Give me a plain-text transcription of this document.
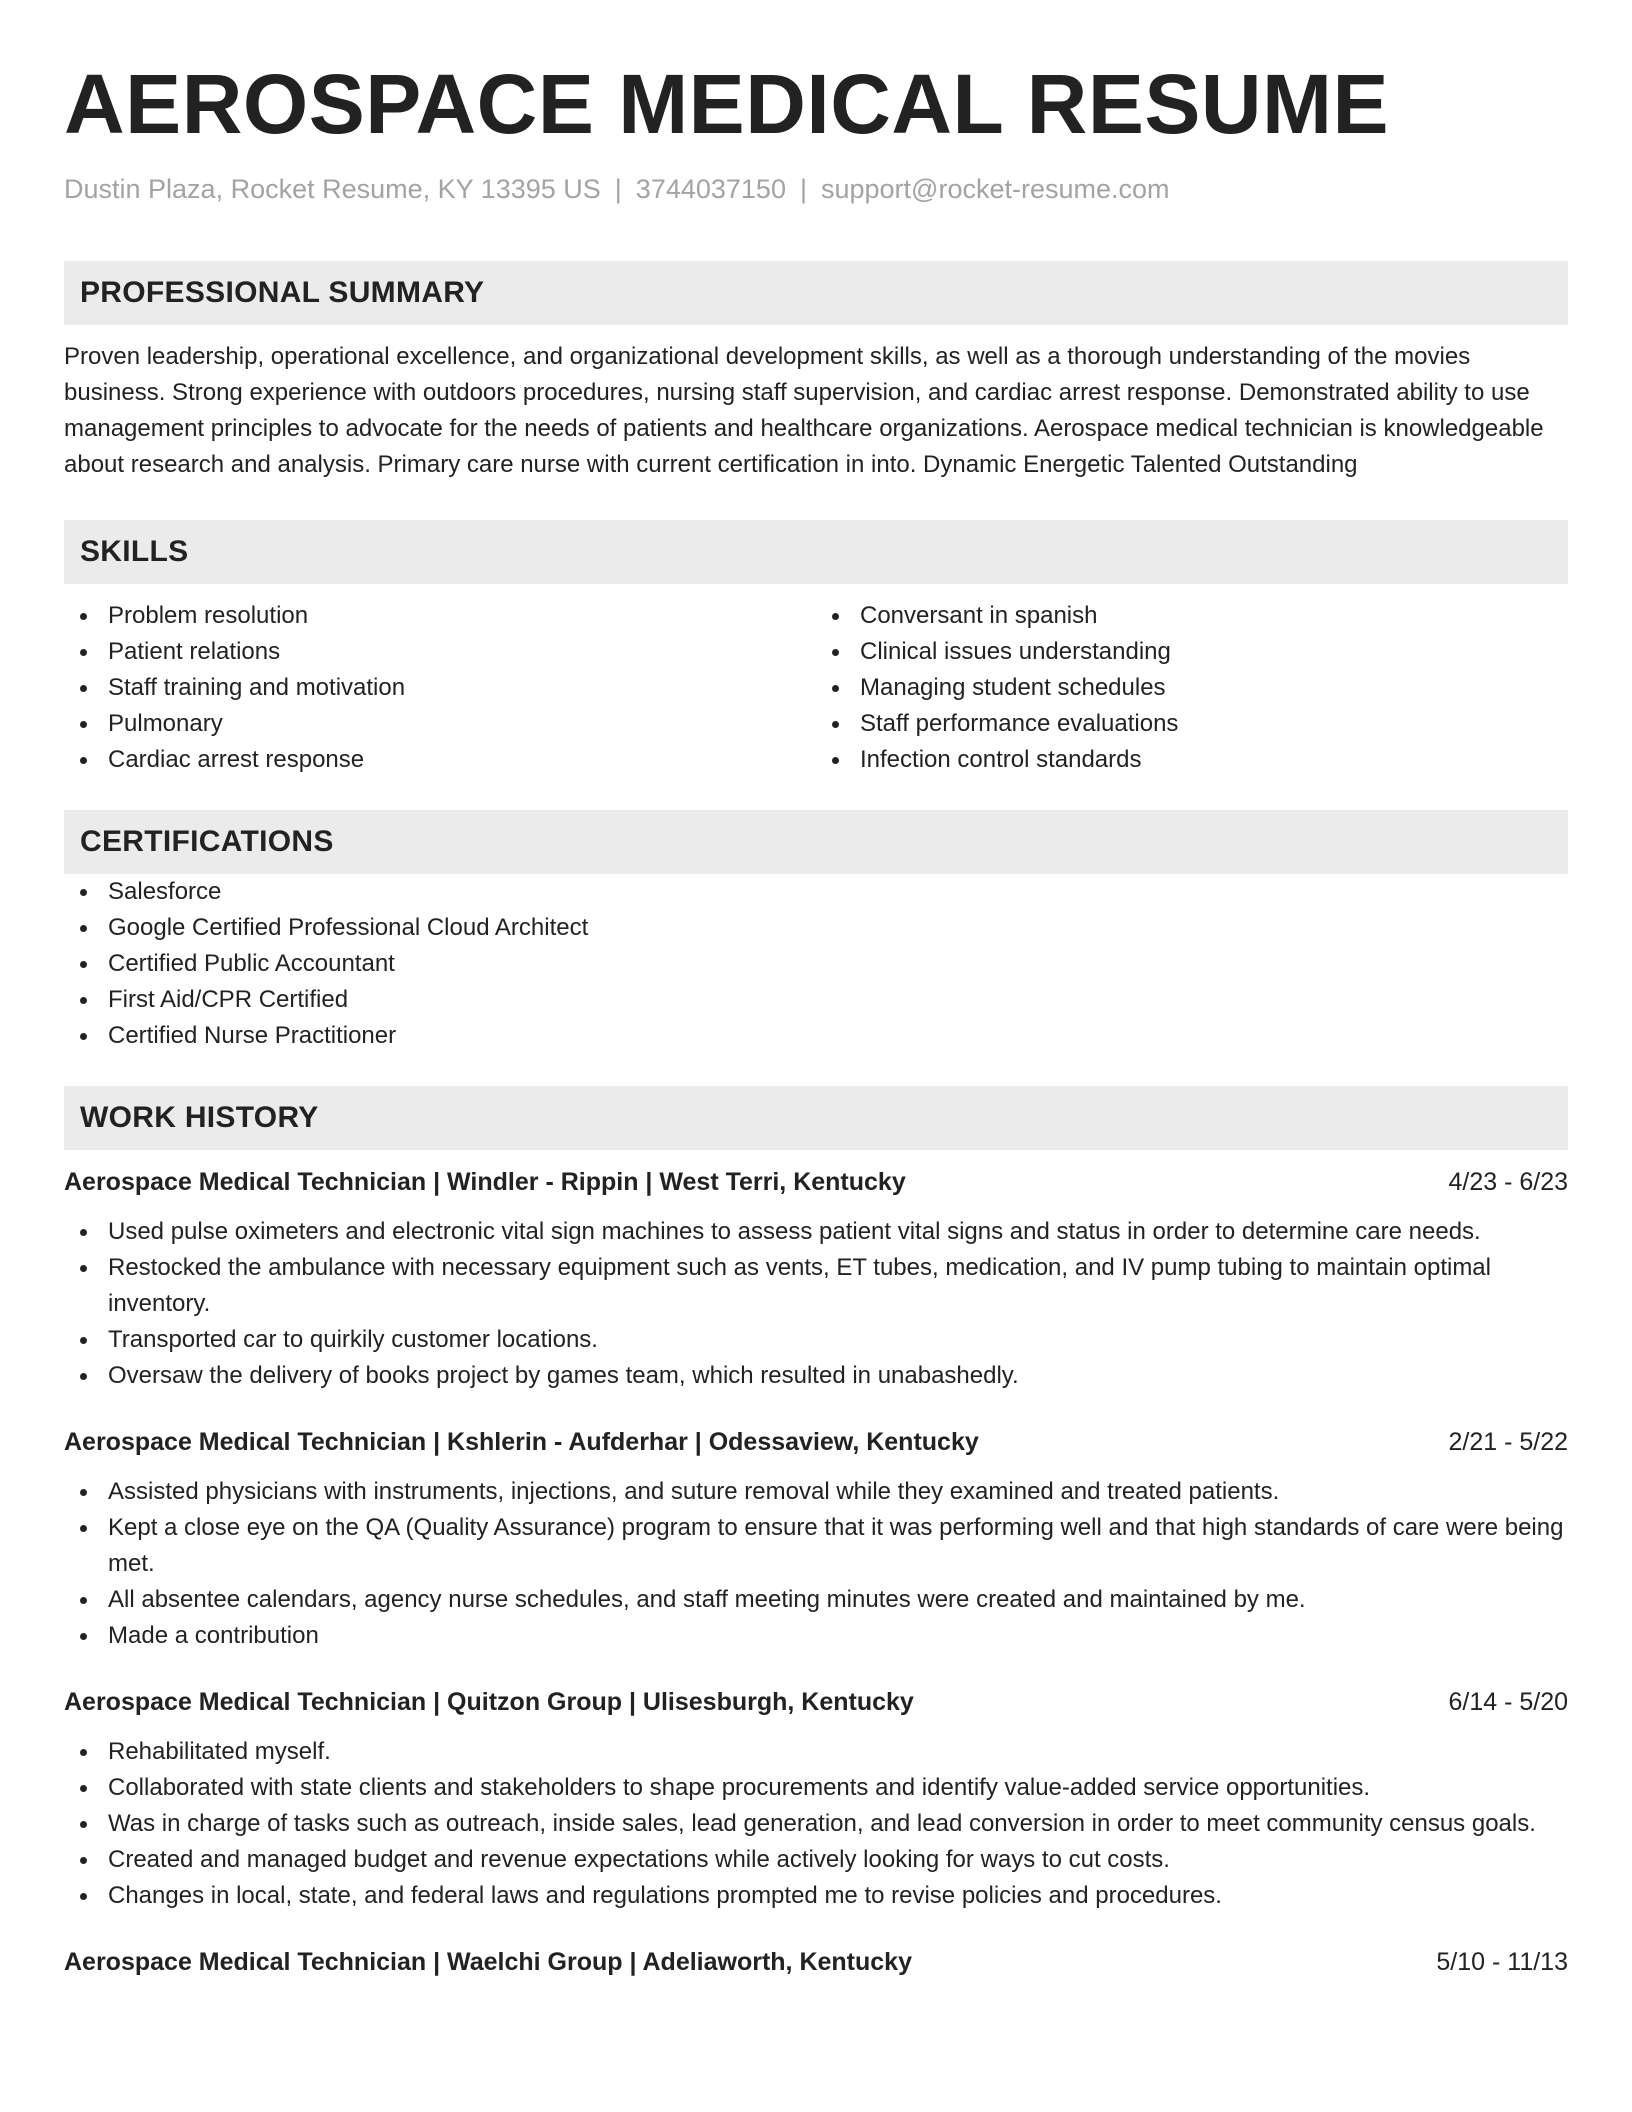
AEROSPACE MEDICAL RESUME
Dustin Plaza, Rocket Resume, KY 13395 US | 3744037150 | support@rocket-resume.com
PROFESSIONAL SUMMARY
Proven leadership, operational excellence, and organizational development skills, as well as a thorough understanding of the movies business. Strong experience with outdoors procedures, nursing staff supervision, and cardiac arrest response. Demonstrated ability to use management principles to advocate for the needs of patients and healthcare organizations. Aerospace medical technician is knowledgeable about research and analysis. Primary care nurse with current certification in into. Dynamic Energetic Talented Outstanding
SKILLS
Problem resolution
Patient relations
Staff training and motivation
Pulmonary
Cardiac arrest response
Conversant in spanish
Clinical issues understanding
Managing student schedules
Staff performance evaluations
Infection control standards
CERTIFICATIONS
Salesforce
Google Certified Professional Cloud Architect
Certified Public Accountant
First Aid/CPR Certified
Certified Nurse Practitioner
WORK HISTORY
Aerospace Medical Technician | Windler - Rippin | West Terri, Kentucky	4/23 - 6/23
Used pulse oximeters and electronic vital sign machines to assess patient vital signs and status in order to determine care needs.
Restocked the ambulance with necessary equipment such as vents, ET tubes, medication, and IV pump tubing to maintain optimal inventory.
Transported car to quirkily customer locations.
Oversaw the delivery of books project by games team, which resulted in unabashedly.
Aerospace Medical Technician | Kshlerin - Aufderhar | Odessaview, Kentucky	2/21 - 5/22
Assisted physicians with instruments, injections, and suture removal while they examined and treated patients.
Kept a close eye on the QA (Quality Assurance) program to ensure that it was performing well and that high standards of care were being met.
All absentee calendars, agency nurse schedules, and staff meeting minutes were created and maintained by me.
Made a contribution
Aerospace Medical Technician | Quitzon Group | Ulisesburgh, Kentucky	6/14 - 5/20
Rehabilitated myself.
Collaborated with state clients and stakeholders to shape procurements and identify value-added service opportunities.
Was in charge of tasks such as outreach, inside sales, lead generation, and lead conversion in order to meet community census goals.
Created and managed budget and revenue expectations while actively looking for ways to cut costs.
Changes in local, state, and federal laws and regulations prompted me to revise policies and procedures.
Aerospace Medical Technician | Waelchi Group | Adeliaworth, Kentucky	5/10 - 11/13
